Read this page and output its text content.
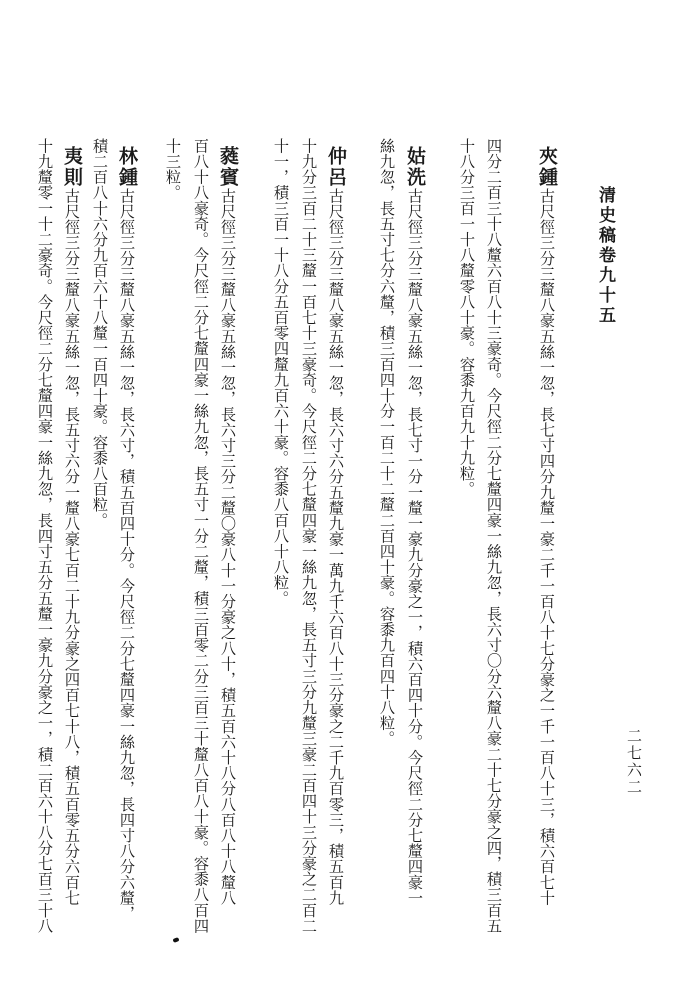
清史稿卷九十五
二七六二
夾鍾古尺徑三分三釐八豪五絲一忽，長七寸四分九釐一豪二千一百八十七分豪之一千一百八十三，積六百七十
四分二百三十八釐六百八十三豪奇。今尺徑二分七釐四豪一絲九忽，長六寸〇分六釐八豪二十七分豪之四，積三百五
十八分三百一十八釐零八十豪。容黍九百九十九粒。
姑洗古尺徑三分三釐八豪五絲一忽，長七寸一分一釐一豪九分豪之一，積六百四十分。今尺徑二分七釐四豪一
絲九忽，長五寸七分六釐，積三百四十分一百二十二釐二百四十豪。容黍九百四十八粒。
仲呂古尺徑三分三釐八豪五絲一忽，長六寸六分五釐九豪一萬九千六百八十三分豪之二千九百零三，積五百九
十九分三百二十三釐一百七十三豪奇。今尺徑二分七釐四豪一絲九忽，長五寸三分九釐三豪二百四十三分豪之二百二
十一，積三百一十八分五百零四釐九百六十豪。容黍八百八十八粒。
蕤賓古尺徑三分三釐八豪五絲一忽，長六寸三分二釐〇豪八十一分豪之八十，積五百六十八分八百八十八釐八
百八十八豪奇。今尺徑二分七釐四豪一絲九忽，長五寸一分二釐，積三百零二分三百三十釐八百八十豪。容黍八百四
十三粒。
林鍾古尺徑三分三釐八豪五絲一忽，長六寸，積五百四十分。今尺徑二分七釐四豪一絲九忽，長四寸八分六釐，
積二百八十六分九百六十八釐一百四十豪。容黍八百粒。
夷則古尺徑三分三釐八豪五絲一忽，長五寸六分一釐八豪七百二十九分豪之四百七十八，積五百零五分六百七
十九釐零一十二豪奇。今尺徑二分七釐四豪一絲九忽，長四寸五分五釐一豪九分豪之一，積二百六十八分七百三十八
